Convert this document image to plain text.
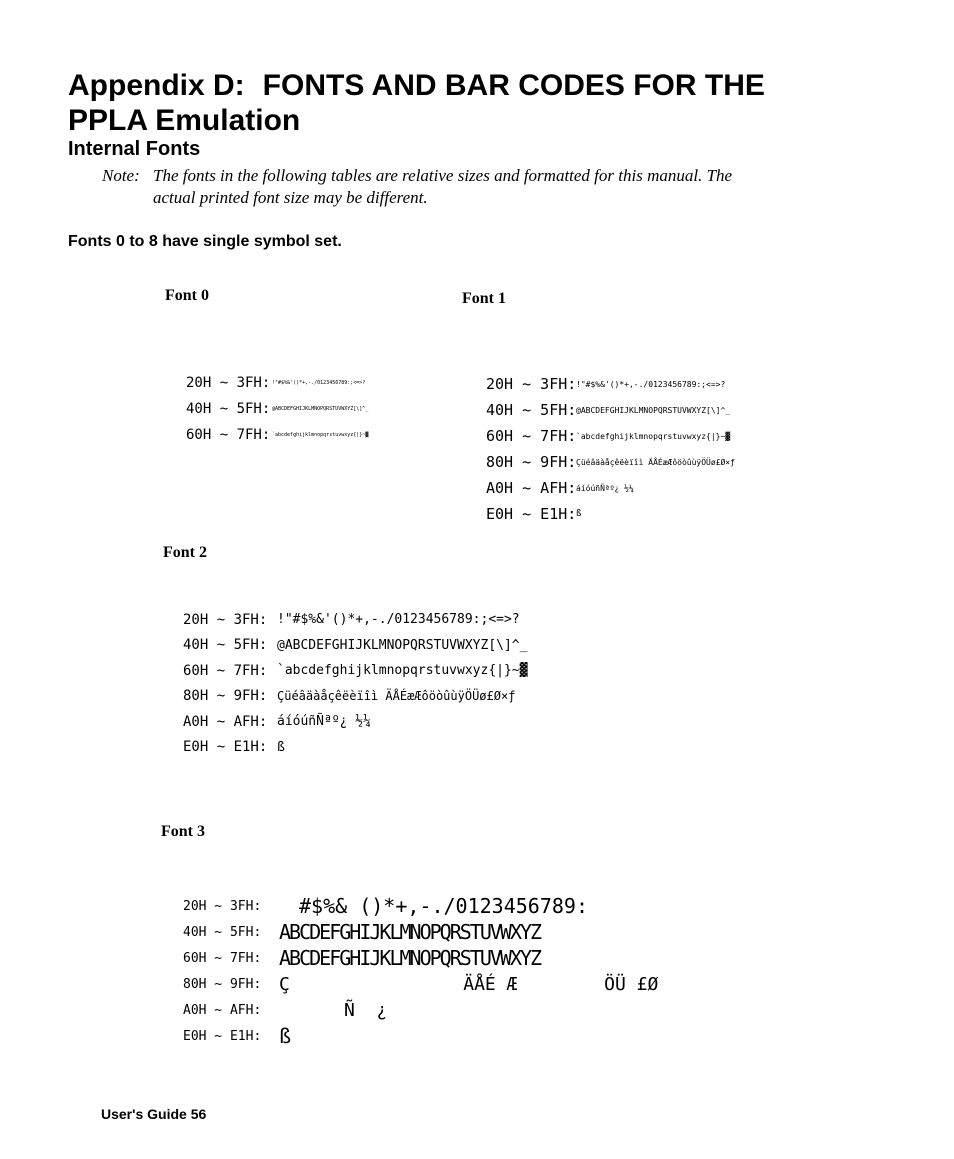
Appendix D: FONTS AND BAR CODES FOR THE
PPLA Emulation
Internal Fonts
Note: The fonts in the following tables are relative sizes and formatted for this manual. The
actual printed font size may be different.
Fonts 0 to 8 have single symbol set.
Font 0
20H ~ 3FH: !"#$%&'()*+,-./0123456789:;<=>?
40H ~ 5FH: @ABCDEFGHIJKLMNOPQRSTUVWXYZ[\]^_
60H ~ 7FH: `abcdefghijklmnopqrstuvwxyz{|}~▓
Font 1
20H ~ 3FH: !"#$%&'()*+,-./0123456789:;<=>?
40H ~ 5FH: @ABCDEFGHIJKLMNOPQRSTUVWXYZ[\]^_
60H ~ 7FH: `abcdefghijklmnopqrstuvwxyz{|}~▓
80H ~ 9FH: Çüéâäàåçêëèïîì ÄÅÉæÆôöòûùÿÖÜø£Ø×ƒ
A0H ~ AFH: áíóúñÑªº¿ ½¼
E0H ~ E1H: ß
Font 2
20H ~ 3FH: !"#$%&'()*+,-./0123456789:;<=>?
40H ~ 5FH: @ABCDEFGHIJKLMNOPQRSTUVWXYZ[\]^_
60H ~ 7FH: `abcdefghijklmnopqrstuvwxyz{|}~▓
80H ~ 9FH: Çüéâäàåçêëèïîì ÄÅÉæÆôöòûùÿÖÜø£Ø×ƒ
A0H ~ AFH: áíóúñÑªº¿ ½¼
E0H ~ E1H: ß
Font 3
20H ~ 3FH:	#$%& ()*+,-./0123456789:
40H ~ 5FH: ABCDEFGHIJKLMNOPQRSTUVWXYZ
60H ~ 7FH: ABCDEFGHIJKLMNOPQRSTUVWXYZ
80H ~ 9FH: Ç                ÄÅÉ Æ        ÖÜ £Ø
A0H ~ AFH: Ñ  ¿
E0H ~ E1H: ß
User's Guide 56
